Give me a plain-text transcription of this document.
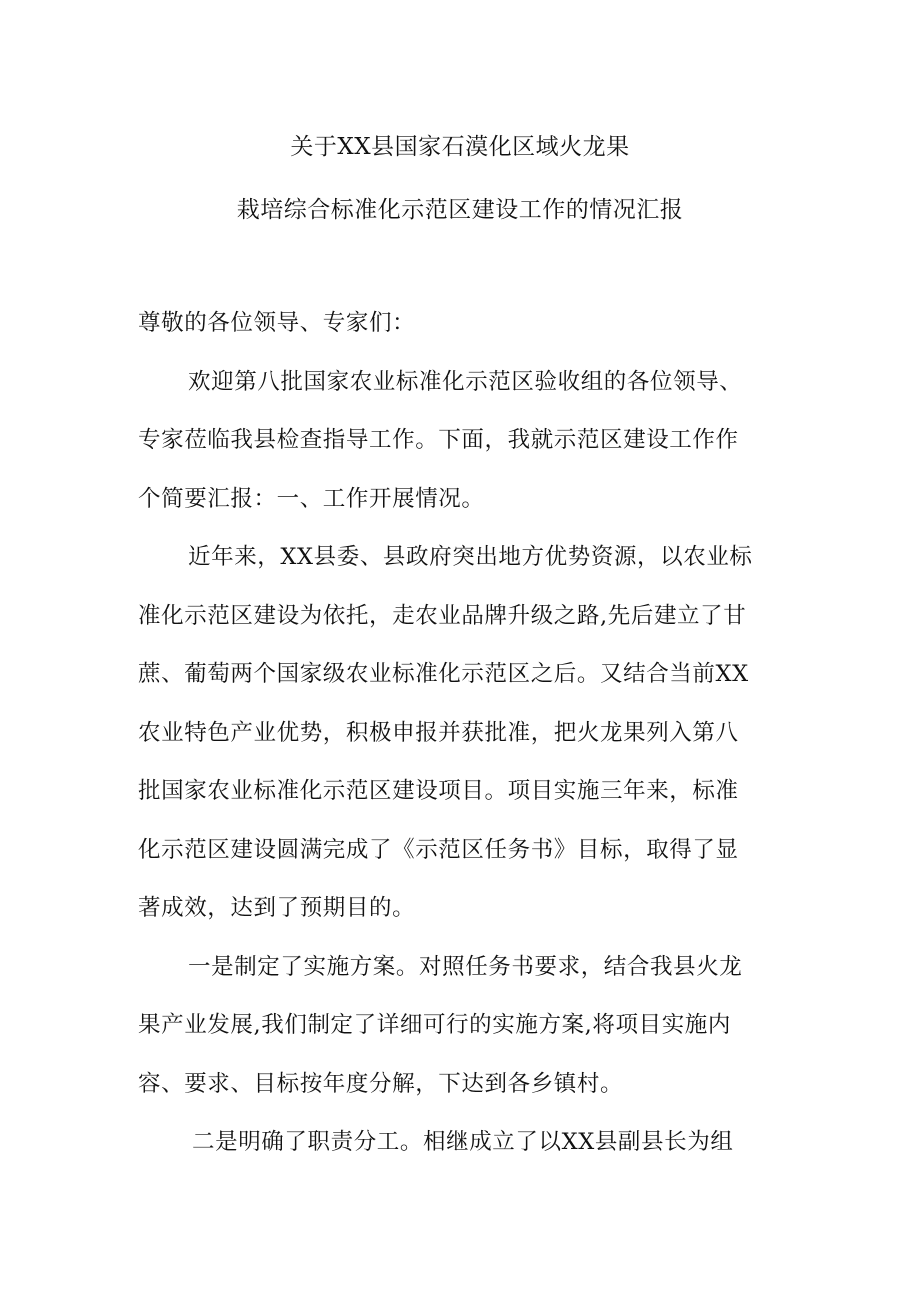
关于XX县国家石漠化区域火龙果
栽培综合标准化示范区建设工作的情况汇报
尊敬的各位领导、专家们：
欢迎第八批国家农业标准化示范区验收组的各位领导、
专家莅临我县检查指导工作。下面，我就示范区建设工作作
个简要汇报：一、工作开展情况。
近年来，XX县委、县政府突出地方优势资源，以农业标
准化示范区建设为依托，走农业品牌升级之路,先后建立了甘
蔗、葡萄两个国家级农业标准化示范区之后。又结合当前XX
农业特色产业优势，积极申报并获批准，把火龙果列入第八
批国家农业标准化示范区建设项目。项目实施三年来，标准
化示范区建设圆满完成了《示范区任务书》目标，取得了显
著成效，达到了预期目的。
一是制定了实施方案。对照任务书要求，结合我县火龙
果产业发展,我们制定了详细可行的实施方案,将项目实施内
容、要求、目标按年度分解，下达到各乡镇村。
二是明确了职责分工。相继成立了以XX县副县长为组
